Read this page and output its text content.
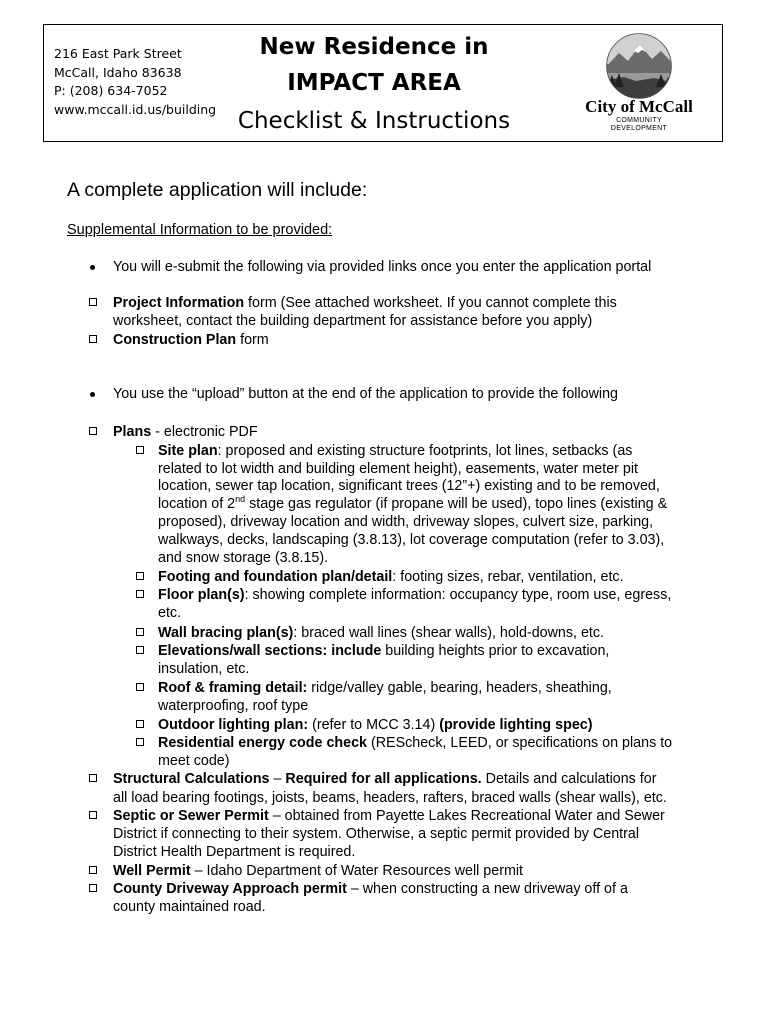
216 East Park Street
McCall, Idaho 83638
P: (208) 634-7052
www.mccall.id.us/building
New Residence in
IMPACT AREA
Checklist & Instructions
City of McCall
COMMUNITY
DEVELOPMENT
A complete application will include:
Supplemental Information to be provided:
You will e-submit the following via provided links once you enter the application portal
Project Information form (See attached worksheet. If you cannot complete this
worksheet, contact the building department for assistance before you apply)
Construction Plan form
You use the “upload” button at the end of the application to provide the following
Plans - electronic PDF
Site plan: proposed and existing structure footprints, lot lines, setbacks (as
related to lot width and building element height), easements, water meter pit
location, sewer tap location, significant trees (12”+) existing and to be removed,
location of 2nd stage gas regulator (if propane will be used), topo lines (existing &
proposed), driveway location and width, driveway slopes, culvert size, parking,
walkways, decks, landscaping (3.8.13), lot coverage computation (refer to 3.03),
and snow storage (3.8.15).
Footing and foundation plan/detail: footing sizes, rebar, ventilation, etc.
Floor plan(s): showing complete information: occupancy type, room use, egress,
etc.
Wall bracing plan(s): braced wall lines (shear walls), hold-downs, etc.
Elevations/wall sections: include building heights prior to excavation,
insulation, etc.
Roof & framing detail: ridge/valley gable, bearing, headers, sheathing,
waterproofing, roof type
Outdoor lighting plan: (refer to MCC 3.14) (provide lighting spec)
Residential energy code check (REScheck, LEED, or specifications on plans to
meet code)
Structural Calculations – Required for all applications. Details and calculations for
all load bearing footings, joists, beams, headers, rafters, braced walls (shear walls), etc.
Septic or Sewer Permit – obtained from Payette Lakes Recreational Water and Sewer
District if connecting to their system. Otherwise, a septic permit provided by Central
District Health Department is required.
Well Permit – Idaho Department of Water Resources well permit
County Driveway Approach permit – when constructing a new driveway off of a
county maintained road.
